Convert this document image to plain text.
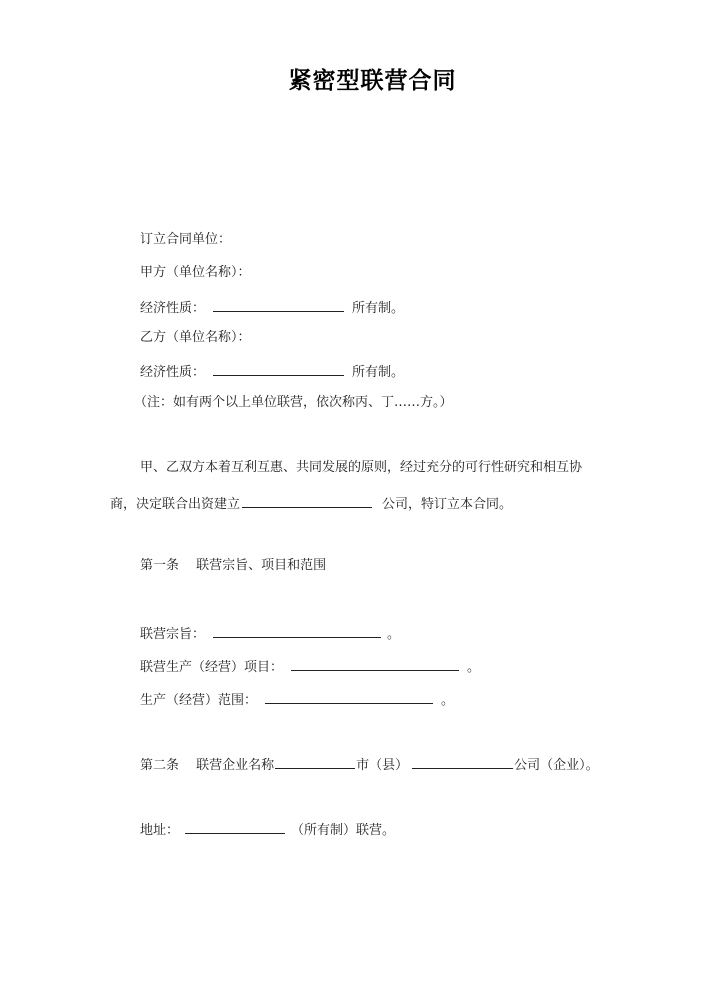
紧密型联营合同
订立合同单位：
甲方（单位名称）：
经济性质：	所有制。
乙方（单位名称）：
经济性质：	所有制。
（注：如有两个以上单位联营，依次称丙、丁……方。）
甲、乙双方本着互利互惠、共同发展的原则，经过充分的可行性研究和相互协
商，决定联合出资建立	公司，特订立本合同。
第一条　 联营宗旨、项目和范围
联营宗旨：	。
联营生产（经营）项目：	。
生产（经营）范围：	。
第二条　 联营企业名称	市（县）	公司（企业）。
地址：	（所有制）联营。
